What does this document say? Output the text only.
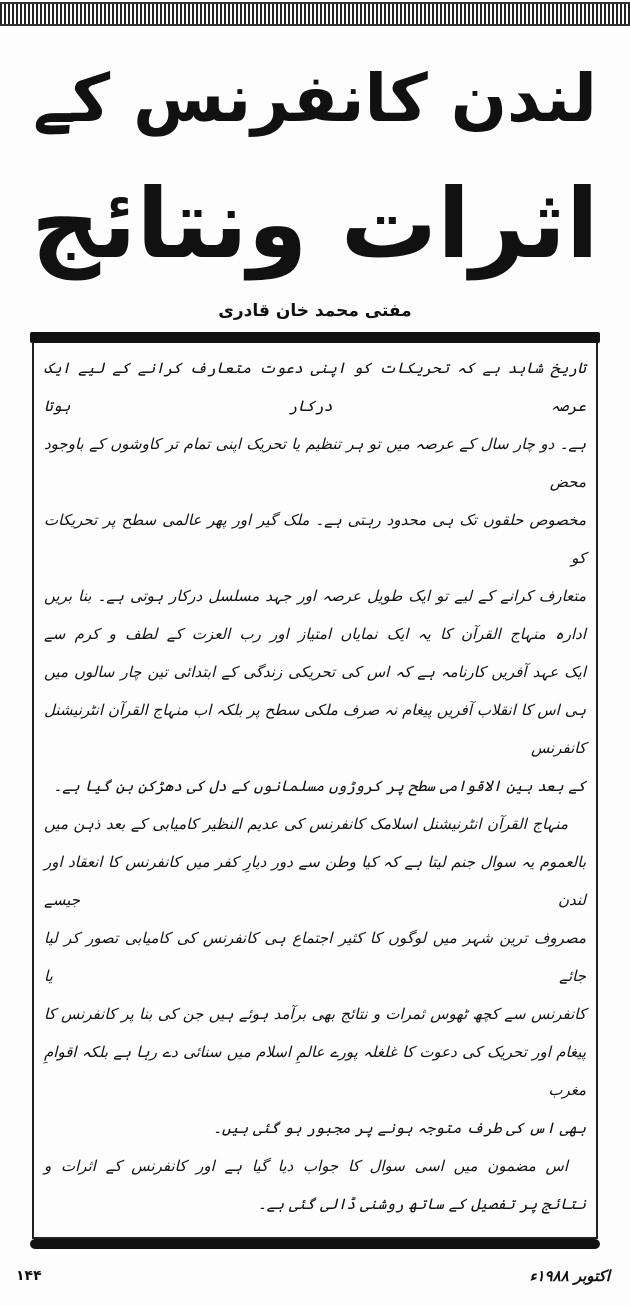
لندن کانفرنس کے
اثرات ونتائج
مفتی محمد خان قادری
تاریخ شاہد ہے کہ تحریکات کو اپنی دعوت متعارف کرانے کے لیے ایک عرصہ درکار ہوتا
ہے۔ دو چار سال کے عرصہ میں تو ہر تنظیم یا تحریک اپنی تمام تر کاوشوں کے باوجود محض
مخصوص حلقوں تک ہی محدود رہتی ہے۔ ملک گیر اور پھر عالمی سطح پر تحریکات کو
متعارف کرانے کے لیے تو ایک طویل عرصہ اور جہد مسلسل درکار ہوتی ہے۔ بنا بریں
ادارہ منہاج القرآن کا یہ ایک نمایاں امتیاز اور رب العزت کے لطف و کرم سے
ایک عہد آفریں کارنامہ ہے کہ اس کی تحریکی زندگی کے ابتدائی تین چار سالوں میں
ہی اس کا انقلاب آفریں پیغام نہ صرف ملکی سطح پر بلکہ اب منہاج القرآن انٹرنیشنل کانفرنس
کے بعد بین الاقوامی سطح پر کروڑوں مسلمانوں کے دل کی دھڑکن بن گیا ہے۔
منہاج القرآن انٹرنیشنل اسلامک کانفرنس کی عدیم النظیر کامیابی کے بعد ذہن میں
بالعموم یہ سوال جنم لیتا ہے کہ کیا وطن سے دور دیارِ کفر میں کانفرنس کا انعقاد اور لندن جیسے
مصروف ترین شہر میں لوگوں کا کثیر اجتماع ہی کانفرنس کی کامیابی تصور کر لیا جائے یا
کانفرنس سے کچھ ٹھوس ثمرات و نتائج بھی برآمد ہوئے ہیں جن کی بنا پر کانفرنس کا
پیغام اور تحریک کی دعوت کا غلغلہ پورے عالمِ اسلام میں سنائی دے رہا ہے بلکہ اقوامِ مغرب
بھی اس کی طرف متوجہ ہونے پر مجبور ہو گئی ہیں۔
اس مضمون میں اسی سوال کا جواب دیا گیا ہے اور کانفرنس کے اثرات و
نتائج پر تفصیل کے ساتھ روشنی ڈالی گئی ہے۔
۱۴۴	اکتوبر ۱۹۸۸ء
